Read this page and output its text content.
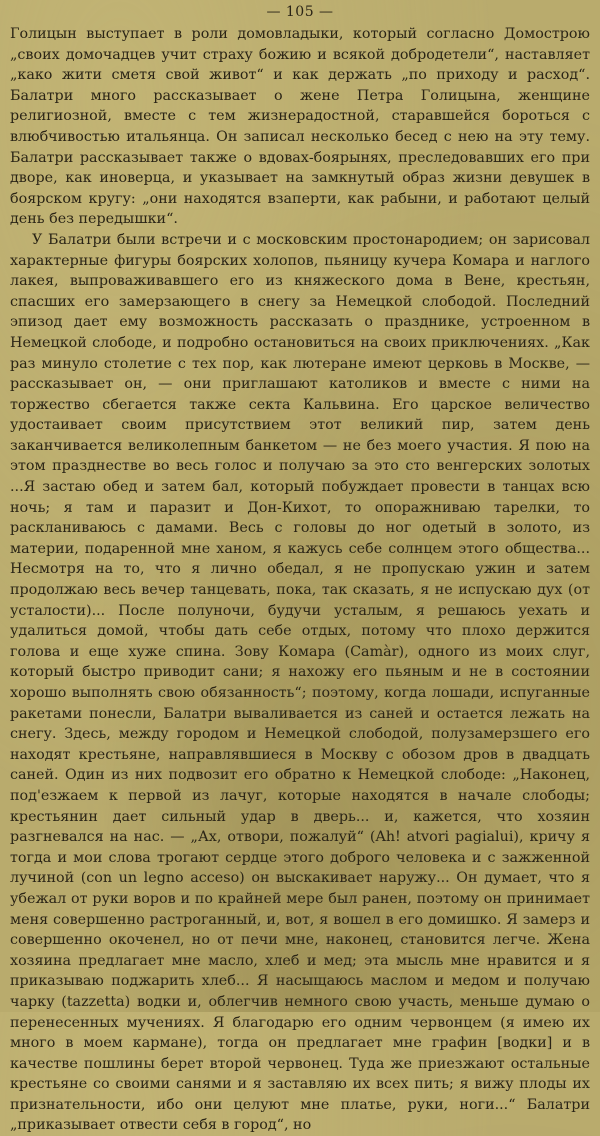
— 105 —

Голицын выступает в роли домовладыки, который согласно Домострою „своих домочадцев учит страху божию и всякой добродетели“, наставляет „како жити сметя свой живот“ и как держать „по приходу и расход“. Балатри много рассказывает о жене Петра Голицына, женщине религиозной, вместе с тем жизнерадостной, старавшейся бороться с влюбчивостью итальянца. Он записал несколько бесед с нею на эту тему. Балатри рассказывает также о вдовах-боярынях, преследовавших его при дворе, как иноверца, и указывает на замкнутый образ жизни девушек в боярском кругу: „они находятся взаперти, как рабыни, и работают целый день без передышки“.

У Балатри были встречи и с московским простонародием; он зарисовал характерные фигуры боярских холопов, пьяницу кучера Комара и наглого лакея, выпроваживавшего его из княжеского дома в Вене, крестьян, спасших его замерзающего в снегу за Немецкой слободой. Последний эпизод дает ему возможность рассказать о празднике, устроенном в Немецкой слободе, и подробно остановиться на своих приключениях. „Как раз минуло столетие с тех пор, как лютеране имеют церковь в Москве, — рассказывает он, — они приглашают католиков и вместе с ними на торжество сбегается также секта Кальвина. Его царское величество удостаивает своим присутствием этот великий пир, затем день заканчивается великолепным банкетом — не без моего участия. Я пою на этом празднестве во весь голос и получаю за это сто венгерских золотых ...Я застаю обед и затем бал, который побуждает провести в танцах всю ночь; я там и паразит и Дон-Кихот, то опоражниваю тарелки, то раскланиваюсь с дамами. Весь с головы до ног одетый в золото, из материи, подаренной мне ханом, я кажусь себе солнцем этого общества... Несмотря на то, что я лично обедал, я не пропускаю ужин и затем продолжаю весь вечер танцевать, пока, так сказать, я не испускаю дух (от усталости)... После полуночи, будучи усталым, я решаюсь уехать и удалиться домой, чтобы дать себе отдых, потому что плохо держится голова и еще хуже спина. Зову Комара (Camàr), одного из моих слуг, который быстро приводит сани; я нахожу его пьяным и не в состоянии хорошо выполнять свою обязанность“; поэтому, когда лошади, испуганные ракетами понесли, Балатри вываливается из саней и остается лежать на снегу. Здесь, между городом и Немецкой слободой, полузамерзшего его находят крестьяне, направлявшиеся в Москву с обозом дров в двадцать саней. Один из них подвозит его обратно к Немецкой слободе: „Наконец, под'езжаем к первой из лачуг, которые находятся в начале слободы; крестьянин дает сильный удар в дверь... и, кажется, что хозяин разгневался на нас. — „Ах, отвори, пожалуй“ (Ah! atvori pagialui), кричу я тогда и мои слова трогают сердце этого доброго человека и с зажженной лучиной (con un legno acceso) он выскакивает наружу... Он думает, что я убежал от руки воров и по крайней мере был ранен, поэтому он принимает меня совершенно растроганный, и, вот, я вошел в его домишко. Я замерз и совершенно окоченел, но от печи мне, наконец, становится легче. Жена хозяина предлагает мне масло, хлеб и мед; эта мысль мне нравится и я приказываю поджарить хлеб... Я насыщаюсь маслом и медом и получаю чарку (tazzetta) водки и, облегчив немного свою участь, меньше думаю о перенесенных мучениях. Я благодарю его одним червонцем (я имею их много в моем кармане), тогда он предлагает мне графин [водки] и в качестве пошлины берет второй червонец. Туда же приезжают остальные крестьяне со своими санями и я заставляю их всех пить; я вижу плоды их признательности, ибо они целуют мне платье, руки, ноги...“ Балатри „приказывает отвести себя в город“, но
